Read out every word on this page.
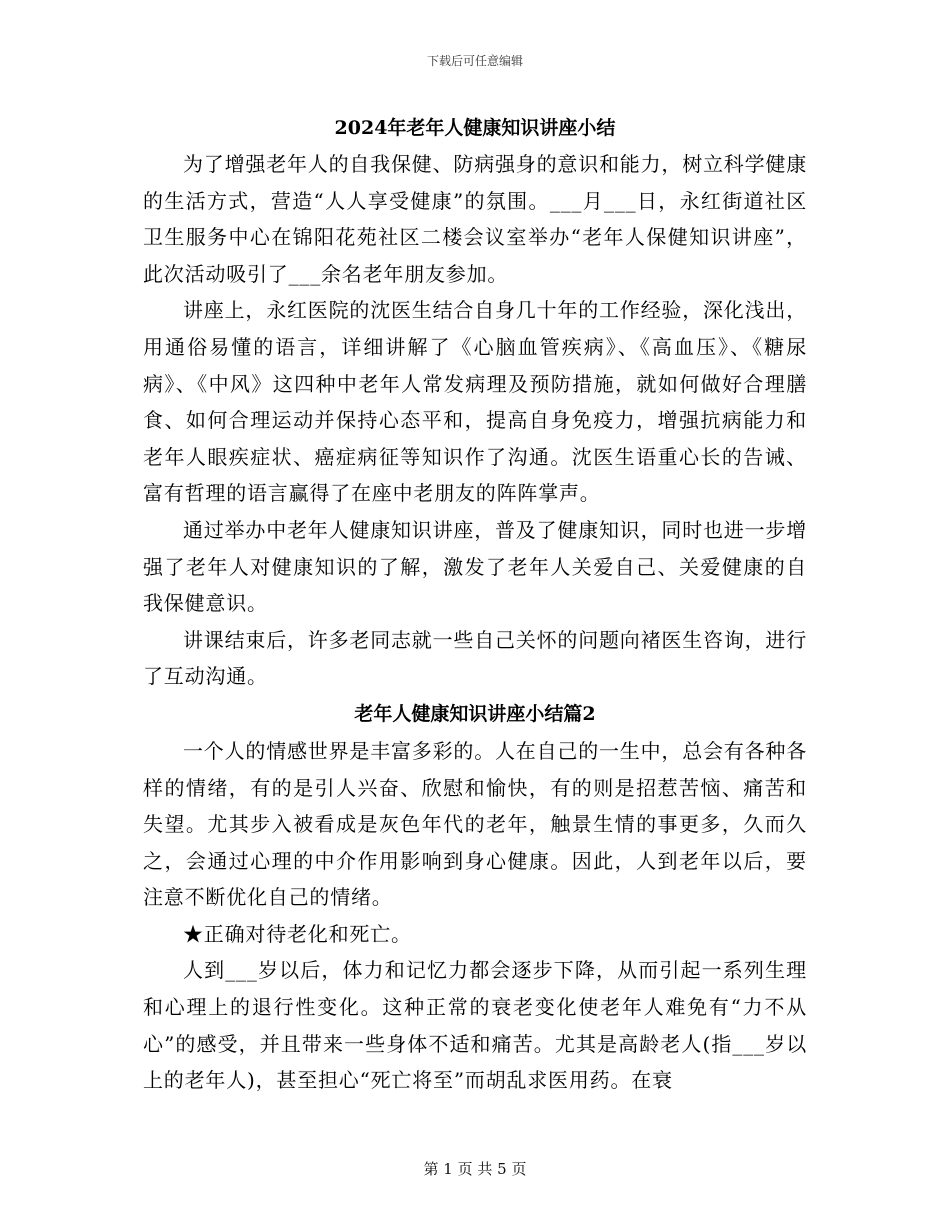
下载后可任意编辑
2024年老年人健康知识讲座小结

为了增强老年人的自我保健、防病强身的意识和能力，树立科学健康的生活方式，营造“人人享受健康”的氛围。___月___日，永红街道社区卫生服务中心在锦阳花苑社区二楼会议室举办“老年人保健知识讲座”，此次活动吸引了___余名老年朋友参加。

讲座上，永红医院的沈医生结合自身几十年的工作经验，深化浅出，用通俗易懂的语言，详细讲解了《心脑血管疾病》、《高血压》、《糖尿病》、《中风》这四种中老年人常发病理及预防措施，就如何做好合理膳食、如何合理运动并保持心态平和，提高自身免疫力，增强抗病能力和老年人眼疾症状、癌症病征等知识作了沟通。沈医生语重心长的告诫、富有哲理的语言赢得了在座中老朋友的阵阵掌声。

通过举办中老年人健康知识讲座，普及了健康知识，同时也进一步增强了老年人对健康知识的了解，激发了老年人关爱自己、关爱健康的自我保健意识。

讲课结束后，许多老同志就一些自己关怀的问题向褚医生咨询，进行了互动沟通。

老年人健康知识讲座小结篇2

一个人的情感世界是丰富多彩的。人在自己的一生中，总会有各种各样的情绪，有的是引人兴奋、欣慰和愉快，有的则是招惹苦恼、痛苦和失望。尤其步入被看成是灰色年代的老年，触景生情的事更多，久而久之，会通过心理的中介作用影响到身心健康。因此，人到老年以后，要注意不断优化自己的情绪。

★正确对待老化和死亡。

人到___岁以后，体力和记忆力都会逐步下降，从而引起一系列生理和心理上的退行性变化。这种正常的衰老变化使老年人难免有“力不从心”的感受，并且带来一些身体不适和痛苦。尤其是高龄老人(指___岁以上的老年人)，甚至担心“死亡将至”而胡乱求医用药。在衰

第 1 页 共 5 页
